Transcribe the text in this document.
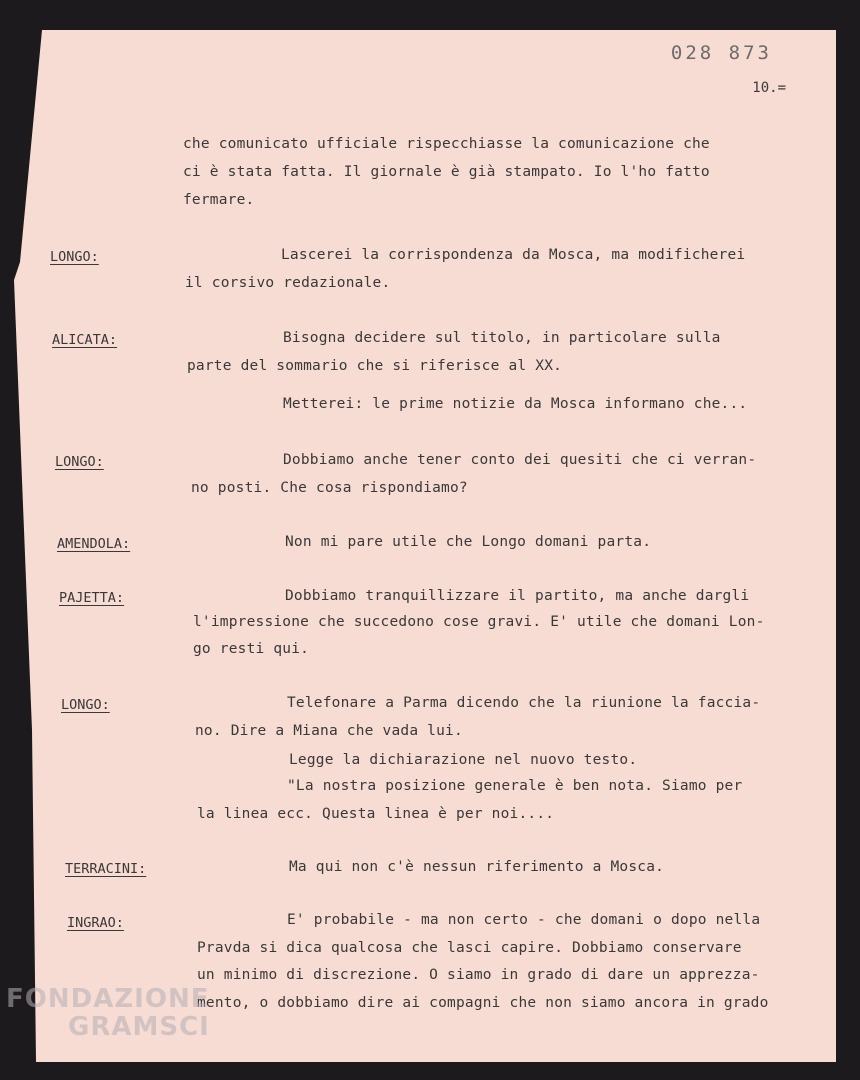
028 873
10.=
che comunicato ufficiale rispecchiasse la comunicazione che
ci è stata fatta. Il giornale è già stampato. Io l'ho fatto
fermare.
LONGO:	Lascerei la corrispondenza da Mosca, ma modificherei
il corsivo redazionale.
ALICATA:	Bisogna decidere sul titolo, in particolare sulla
parte del sommario che si riferisce al XX.
Metterei: le prime notizie da Mosca informano che...
LONGO:	Dobbiamo anche tener conto dei quesiti che ci verran-
no posti. Che cosa rispondiamo?
AMENDOLA:	Non mi pare utile che Longo domani parta.
PAJETTA:	Dobbiamo tranquillizzare il partito, ma anche dargli
l'impressione che succedono cose gravi. E' utile che domani Lon-
go resti qui.
LONGO:	Telefonare a Parma dicendo che la riunione la faccia-
no. Dire a Miana che vada lui.
Legge la dichiarazione nel nuovo testo.
"La nostra posizione generale è ben nota. Siamo per
la linea ecc. Questa linea è per noi....
TERRACINI:	Ma qui non c'è nessun riferimento a Mosca.
INGRAO:	E' probabile - ma non certo - che domani o dopo nella
Pravda si dica qualcosa che lasci capire. Dobbiamo conservare
un minimo di discrezione. O siamo in grado di dare un apprezza-
mento, o dobbiamo dire ai compagni che non siamo ancora in grado
FONDAZIONE
GRAMSCI
